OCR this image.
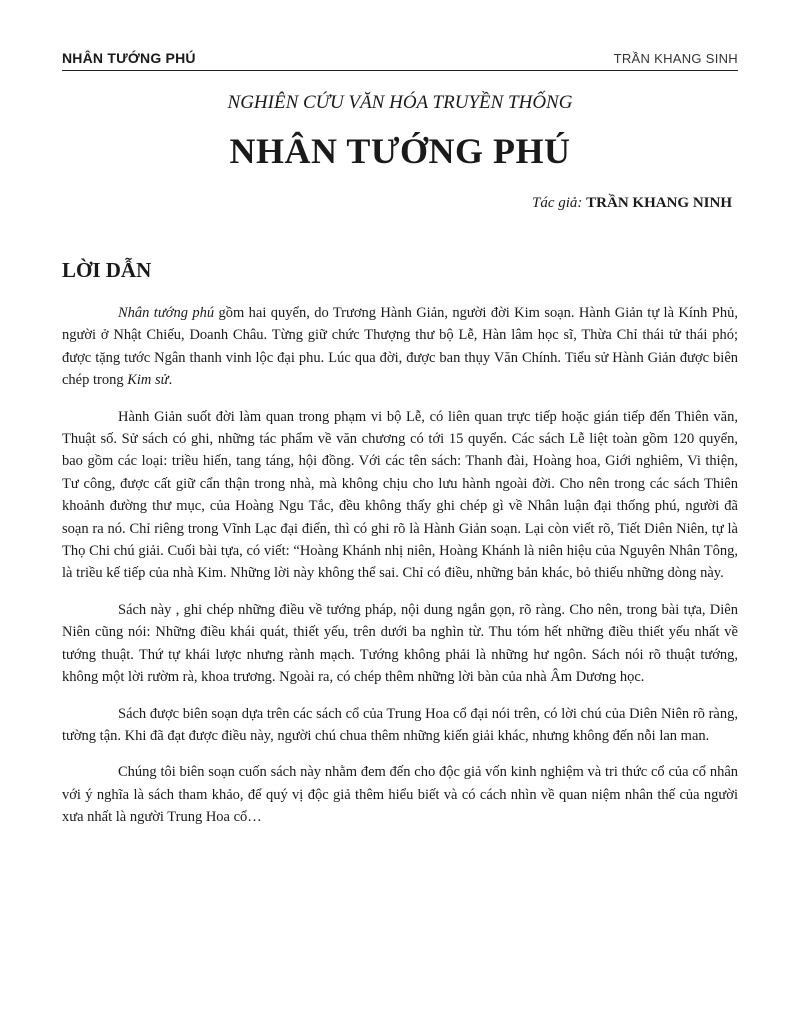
NHÂN TƯỚNG PHÚ	TRẦN KHANG SINH
NGHIÊN CỨU VĂN HÓA TRUYỀN THỐNG
NHÂN TƯỚNG PHÚ
Tác giả: TRẦN KHANG NINH
LỜI DẪN

Nhân tướng phú gồm hai quyển, do Trương Hành Giản, người đời Kim soạn. Hành Giản tự là Kính Phủ, người ở Nhật Chiếu, Doanh Châu. Từng giữ chức Thượng thư bộ Lễ, Hàn lâm học sĩ, Thừa Chỉ thái tử thái phó; được tặng tước Ngân thanh vinh lộc đại phu. Lúc qua đời, được ban thụy Văn Chính. Tiểu sử Hành Giản được biên chép trong Kim sử.

Hành Giản suốt đời làm quan trong phạm vi bộ Lễ, có liên quan trực tiếp hoặc gián tiếp đến Thiên văn, Thuật số. Sử sách có ghi, những tác phẩm về văn chương có tới 15 quyển. Các sách Lễ liệt toàn gồm 120 quyển, bao gồm các loại: triều hiến, tang táng, hội đồng. Với các tên sách: Thanh đài, Hoàng hoa, Giới nghiêm, Vi thiện, Tư công, được cất giữ cẩn thận trong nhà, mà không chịu cho lưu hành ngoài đời. Cho nên trong các sách Thiên khoảnh đường thư mục, của Hoàng Ngu Tắc, đều không thấy ghi chép gì về Nhân luận đại thống phú, người đã soạn ra nó. Chỉ riêng trong Vĩnh Lạc đại điển, thì có ghi rõ là Hành Giản soạn. Lại còn viết rõ, Tiết Diên Niên, tự là Thọ Chi chú giải. Cuối bài tựa, có viết: “Hoàng Khánh nhị niên, Hoàng Khánh là niên hiệu của Nguyên Nhân Tông, là triều kế tiếp của nhà Kim. Những lời này không thể sai. Chỉ có điều, những bản khác, bỏ thiếu những dòng này.

Sách này , ghi chép những điều về tướng pháp, nội dung ngắn gọn, rõ ràng. Cho nên, trong bài tựa, Diên Niên cũng nói: Những điều khái quát, thiết yếu, trên dưới ba nghìn từ. Thu tóm hết những điều thiết yếu nhất về tướng thuật. Thứ tự khái lược nhưng rành mạch. Tướng không phải là những hư ngôn. Sách nói rõ thuật tướng, không một lời rườm rà, khoa trương. Ngoài ra, có chép thêm những lời bàn của nhà Âm Dương học.

Sách được biên soạn dựa trên các sách cổ của Trung Hoa cổ đại nói trên, có lời chú của Diên Niên rõ ràng, tường tận. Khi đã đạt được điều này, người chú chua thêm những kiến giải khác, nhưng không đến nỗi lan man.

Chúng tôi biên soạn cuốn sách này nhằm đem đến cho độc giả vốn kinh nghiệm và tri thức cổ của cổ nhân với ý nghĩa là sách tham khảo, để quý vị độc giả thêm hiểu biết và có cách nhìn về quan niệm nhân thế của người xưa nhất là người Trung Hoa cổ…
